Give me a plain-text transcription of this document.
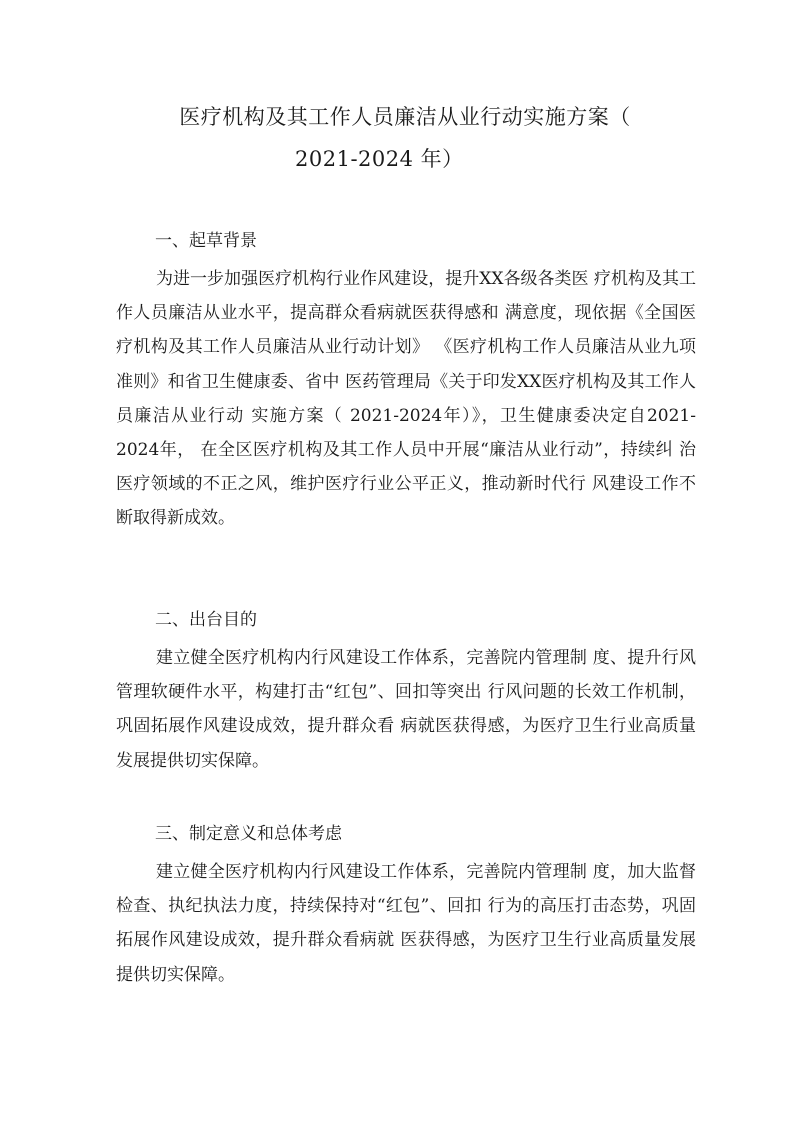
医疗机构及其工作人员廉洁从业行动实施方案（
2021-2024 年）
一、起草背景

为进一步加强医疗机构行业作风建设，提升XX各级各类医 疗机构及其工作人员廉洁从业水平，提高群众看病就医获得感和 满意度，现依据《全国医疗机构及其工作人员廉洁从业行动计划》 《医疗机构工作人员廉洁从业九项准则》和省卫生健康委、省中 医药管理局《关于印发XX医疗机构及其工作人员廉洁从业行动 实施方案（ 2021-2024年）》，卫生健康委决定自2021-2024年， 在全区医疗机构及其工作人员中开展“廉洁从业行动”，持续纠 治医疗领域的不正之风，维护医疗行业公平正义，推动新时代行 风建设工作不断取得新成效。

二、出台目的

建立健全医疗机构内行风建设工作体系，完善院内管理制 度、提升行风管理软硬件水平，构建打击“红包”、回扣等突出 行风问题的长效工作机制，巩固拓展作风建设成效，提升群众看 病就医获得感，为医疗卫生行业高质量发展提供切实保障。

三、制定意义和总体考虑

建立健全医疗机构内行风建设工作体系，完善院内管理制 度，加大监督检查、执纪执法力度，持续保持对“红包”、回扣 行为的高压打击态势，巩固拓展作风建设成效，提升群众看病就 医获得感，为医疗卫生行业高质量发展提供切实保障。
